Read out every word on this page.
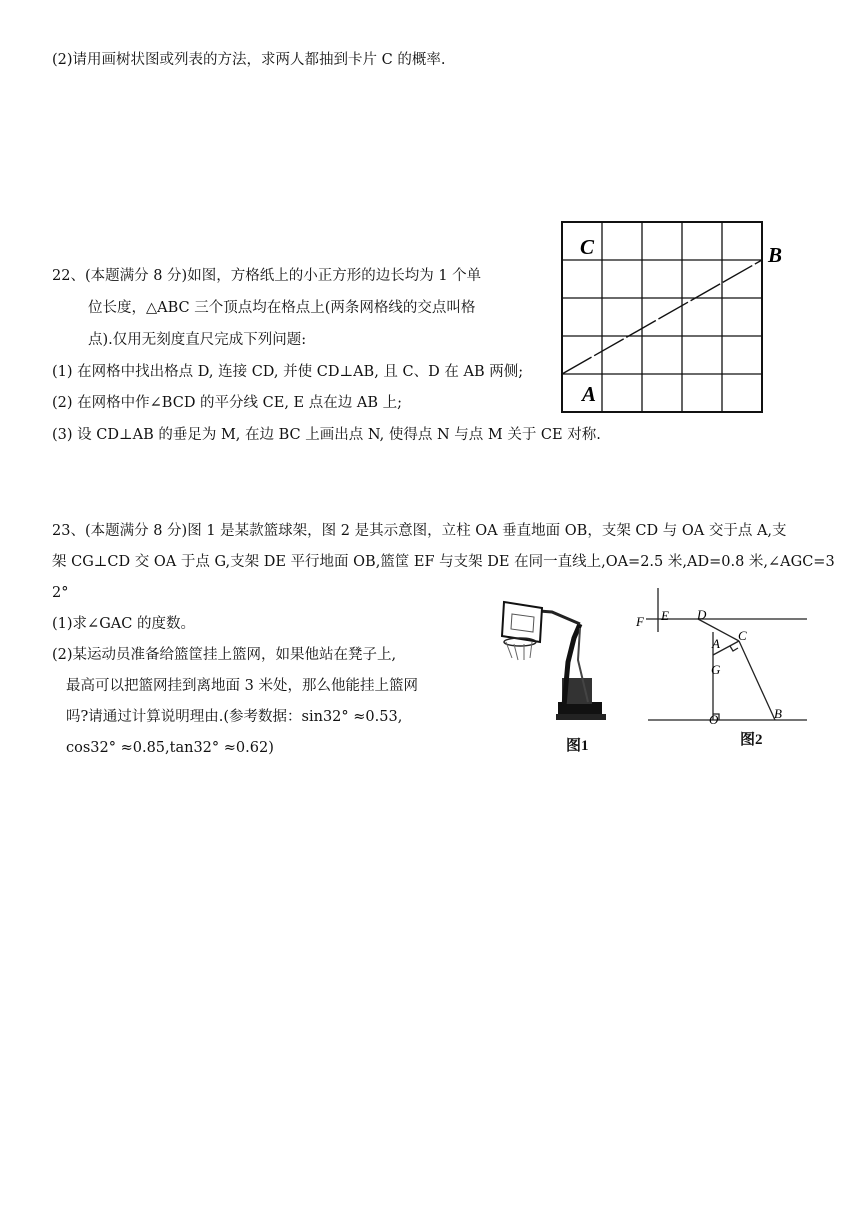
(2)请用画树状图或列表的方法，求两人都抽到卡片 C 的概率.
22、(本题满分 8 分)如图，方格纸上的小正方形的边长均为 1 个单
位长度，△ABC 三个顶点均在格点上(两条网格线的交点叫格
点).仅用无刻度直尺完成下列问题:
(1) 在网格中找出格点 D, 连接 CD, 并使 CD⊥AB, 且 C、D 在 AB 两侧;
(2) 在网格中作∠BCD 的平分线 CE, E 点在边 AB 上;
(3) 设 CD⊥AB 的垂足为 M, 在边 BC 上画出点 N, 使得点 N 与点 M 关于 CE 对称.
C	B
A
23、(本题满分 8 分)图 1 是某款篮球架，图 2 是其示意图，立柱 OA 垂直地面 OB，支架 CD 与 OA 交于点 A,支
架 CG⊥CD 交 OA 于点 G,支架 DE 平行地面 OB,篮筐 EF 与支架 DE 在同一直线上,OA=2.5 米,AD=0.8 米,∠AGC=3
2°
(1)求∠GAC 的度数。
(2)某运动员准备给篮筐挂上篮网，如果他站在凳子上,
最高可以把篮网挂到离地面 3 米处，那么他能挂上篮网
吗?请通过计算说明理由.(参考数据：sin32° ≈0.53,
cos32° ≈0.85,tan32° ≈0.62)	图1
F E D
A
C
G
O	B
图2
